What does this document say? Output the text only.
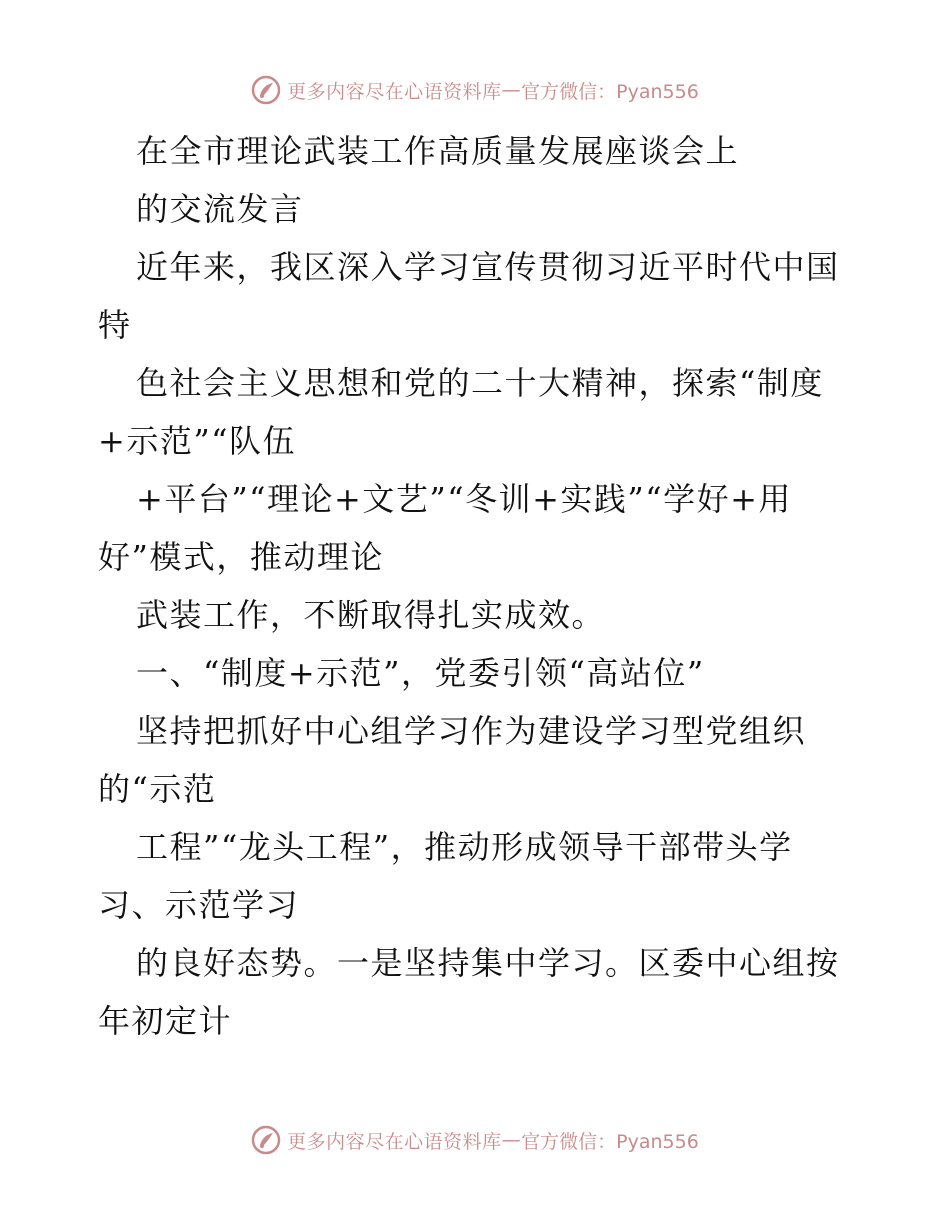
更多内容尽在心语资料库 — 官方微信：Pyan556
在全市理论武装工作高质量发展座谈会上
的交流发言
近年来，我区深入学习宣传贯彻习近平时代中国
特
色社会主义思想和党的二十大精神，探索“制度
+示范”“队伍
+平台”“理论+文艺”“冬训+实践”“学好+用
好”模式，推动理论
武装工作，不断取得扎实成效。
一、“制度+示范”，党委引领“高站位”
坚持把抓好中心组学习作为建设学习型党组织
的“示范
工程”“龙头工程”，推动形成领导干部带头学
习、示范学习
的良好态势。一是坚持集中学习。区委中心组按
年初定计
更多内容尽在心语资料库 — 官方微信：Pyan556
